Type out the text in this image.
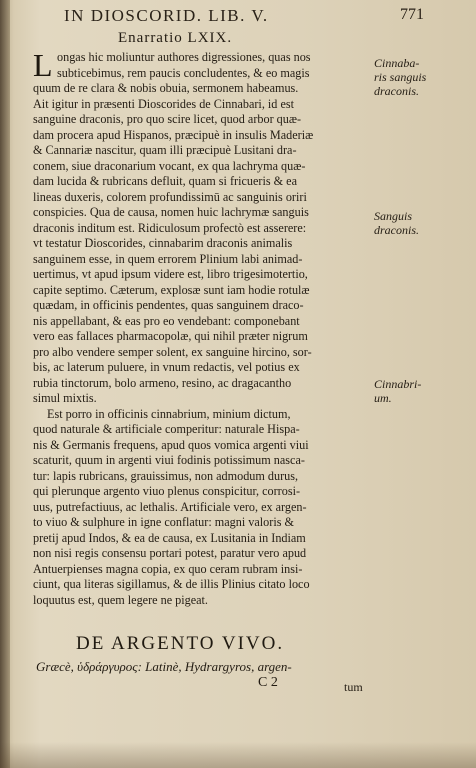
IN DIOSCORID. LIB. V.	771
Enarratio LXIX.
L ongas hic moliuntur authores digressiones, quas nos
subticebimus, rem paucis concludentes, & eo magis
quum de re clara & nobis obuia, sermonem habeamus.
Ait igitur in præsenti Dioscorides de Cinnabari, id est
sanguine draconis, pro quo scire licet, quod arbor quæ-
dam procera apud Hispanos, præcipuè in insulis Maderiæ
& Cannariæ nascitur, quam illi præcipuè Lusitani dra-
conem, siue draconarium vocant, ex qua lachryma quæ-
dam lucida & rubricans defluit, quam si fricueris & ea
lineas duxeris, colorem profundissimū ac sanguinis oriri
conspicies. Qua de causa, nomen huic lachrymæ sanguis
draconis inditum est. Ridiculosum profectò est asserere:
vt testatur Dioscorides, cinnabarim draconis animalis
sanguinem esse, in quem errorem Plinium labi animad-
uertimus, vt apud ipsum videre est, libro trigesimotertio,
capite septimo. Cæterum, explosæ sunt iam hodie rotulæ
quædam, in officinis pendentes, quas sanguinem draco-
nis appellabant, & eas pro eo vendebant: componebant
vero eas fallaces pharmacopolæ, qui nihil præter nigrum
pro albo vendere semper solent, ex sanguine hircino, sor-
bis, ac laterum puluere, in vnum redactis, vel potius ex
rubia tinctorum, bolo armeno, resino, ac dragacantho
simul mixtis.
Est porro in officinis cinnabrium, minium dictum,
quod naturale & artificiale comperitur: naturale Hispa-
nis & Germanis frequens, apud quos vomica argenti viui
scaturit, quum in argenti viui fodinis potissimum nasca-
tur: lapis rubricans, grauissimus, non admodum durus,
qui plerunque argento viuo plenus conspicitur, corrosi-
uus, putrefactiuus, ac lethalis. Artificiale vero, ex argen-
to viuo & sulphure in igne conflatur: magni valoris &
pretij apud Indos, & ea de causa, ex Lusitania in Indiam
non nisi regis consensu portari potest, paratur vero apud
Antuerpienses magna copia, ex quo ceram rubram insi-
ciunt, qua literas sigillamus, & de illis Plinius citato loco
loquutus est, quem legere ne pigeat.
Cinnaba-
ris sanguis
draconis.
Sanguis
draconis.
Cinnabri-
um.
DE ARGENTO VIVO.
Græcè, ὑδράργυρος: Latinè, Hydrargyros, argen-
C 2	tum
